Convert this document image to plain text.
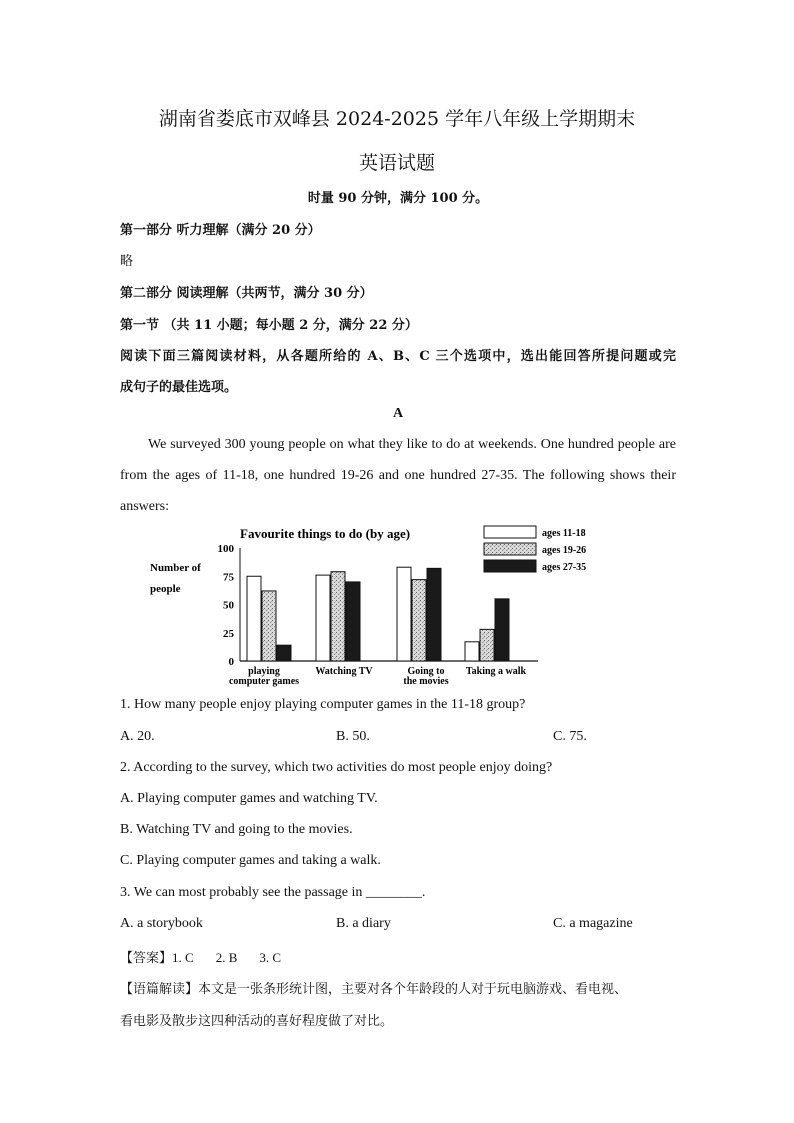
湖南省娄底市双峰县 2024-2025 学年八年级上学期期末
英语试题
时量 90 分钟，满分 100 分。
第一部分 听力理解（满分 20 分）
略
第二部分 阅读理解（共两节，满分 30 分）
第一节 （共 11 小题；每小题 2 分，满分 22 分）
阅读下面三篇阅读材料，从各题所给的 A、B、C 三个选项中，选出能回答所提问题或完
成句子的最佳选项。
A
We surveyed 300 young people on what they like to do at weekends. One hundred people are
from the ages of 11-18, one hundred 19-26 and one hundred 27-35. The following shows their
answers:
Favourite things to do (by age)
Number of
people
0
25
50
75
100
playing
computer games
Watching TV	Going to
the movies
Taking a walk
ages 11-18
ages 19-26
ages 27-35
1. How many people enjoy playing computer games in the 11-18 group?
A. 20.	B. 50.	C. 75.
2. According to the survey, which two activities do most people enjoy doing?
A. Playing computer games and watching TV.
B. Watching TV and going to the movies.
C. Playing computer games and taking a walk.
3. We can most probably see the passage in ________.
A. a storybook	B. a diary	C. a magazine
【答案】1. C 2. B 3. C
【语篇解读】本文是一张条形统计图，主要对各个年龄段的人对于玩电脑游戏、看电视、
看电影及散步这四种活动的喜好程度做了对比。
